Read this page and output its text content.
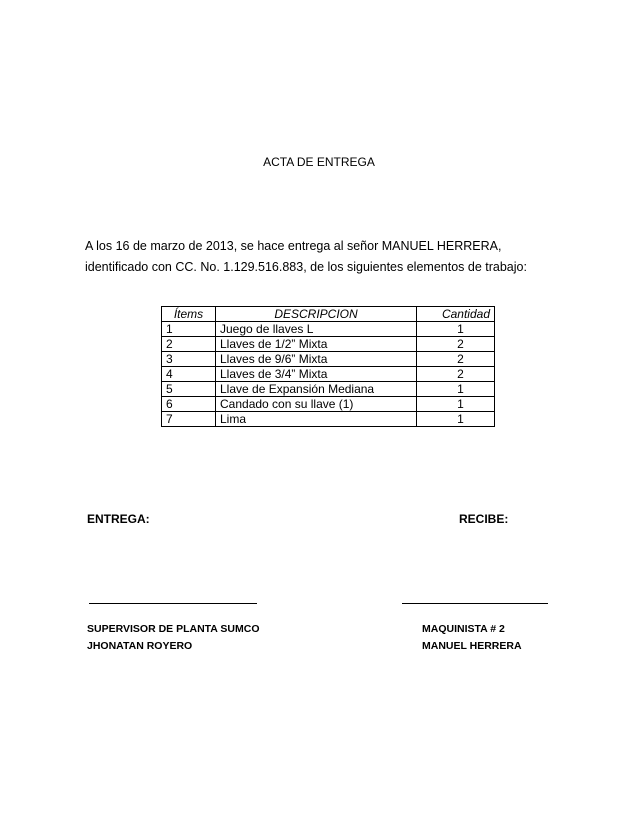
ACTA DE ENTREGA
A los 16 de marzo de 2013, se hace entrega al señor MANUEL HERRERA,
identificado con CC. No. 1.129.516.883, de los siguientes elementos de trabajo:
Ítems	DESCRIPCION	Cantidad
1	Juego de llaves L	1
2	Llaves de 1/2” Mixta	2
3	Llaves de 9/6” Mixta	2
4	Llaves de 3/4” Mixta	2
5	Llave de Expansión Mediana	1
6	Candado con su llave (1)	1
7	Lima	1
ENTREGA:	RECIBE:
SUPERVISOR DE PLANTA SUMCO
JHONATAN ROYERO
MAQUINISTA # 2
MANUEL HERRERA
